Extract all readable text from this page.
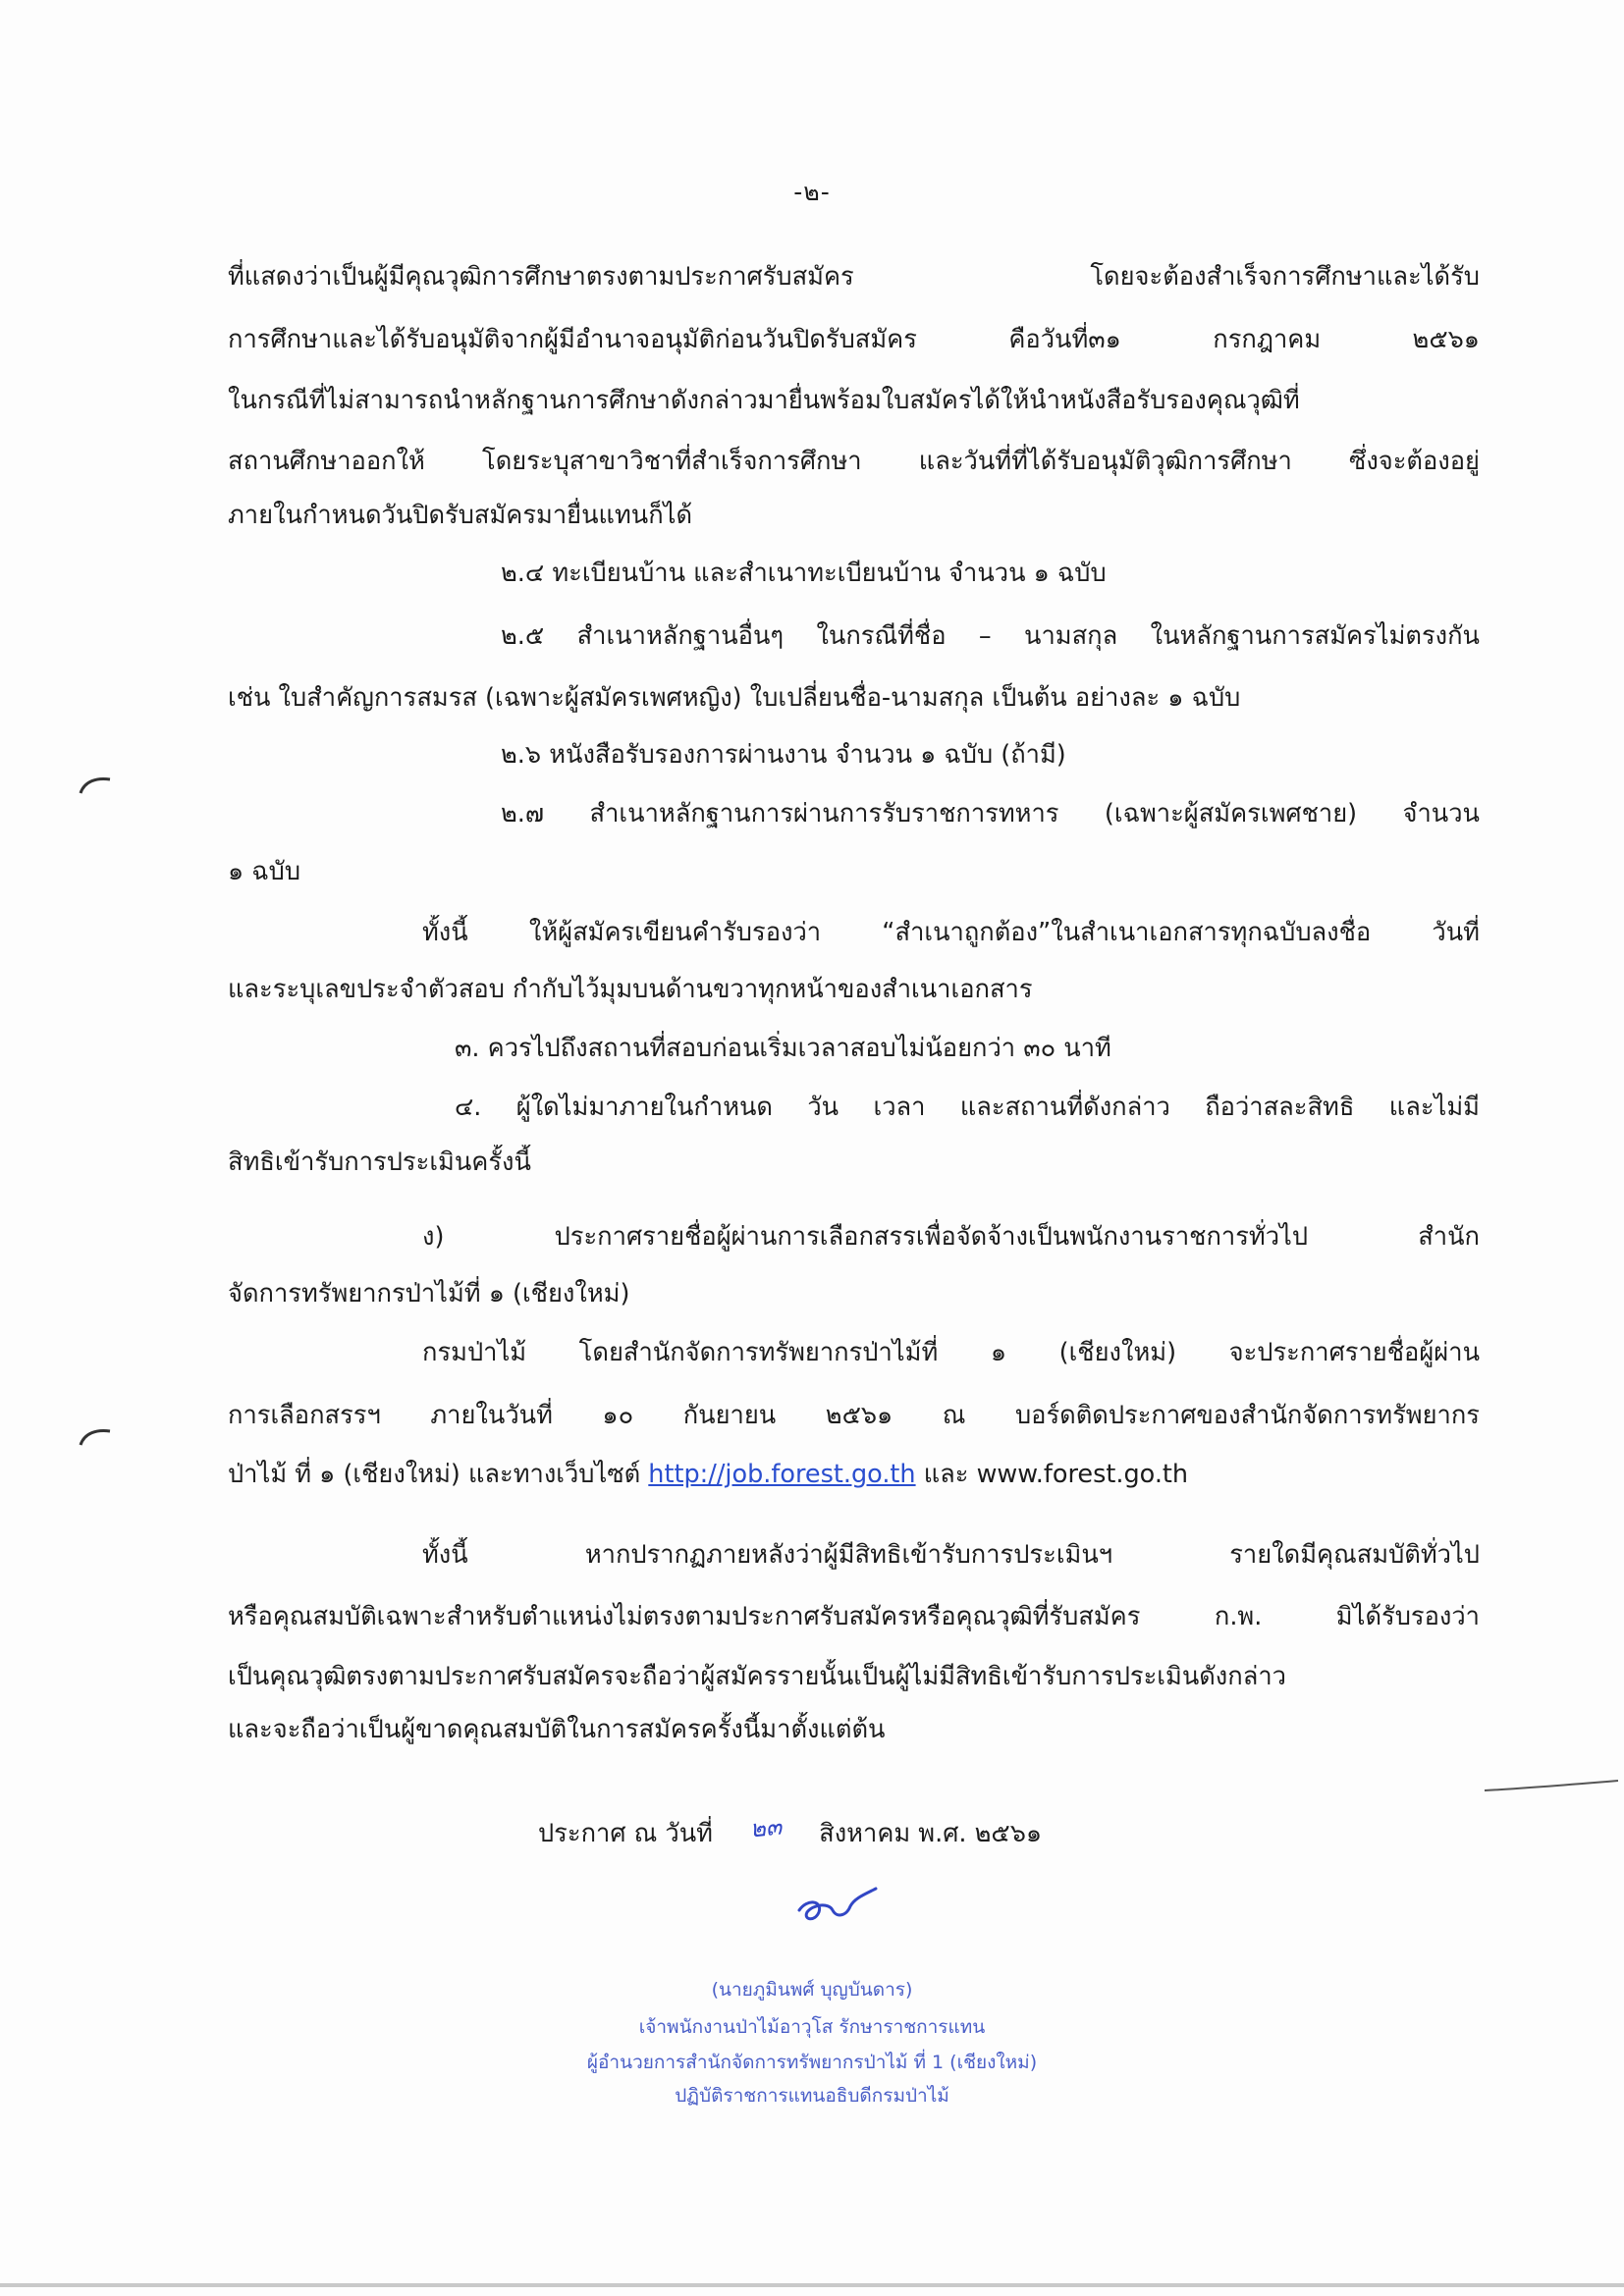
-๒-
ที่แสดงว่าเป็นผู้มีคุณวุฒิการศึกษาตรงตามประกาศรับสมัคร โดยจะต้องสำเร็จการศึกษาและได้รับ
การศึกษาและได้รับอนุมัติจากผู้มีอำนาจอนุมัติก่อนวันปิดรับสมัคร คือวันที่๓๑ กรกฎาคม ๒๕๖๑
ในกรณีที่ไม่สามารถนำหลักฐานการศึกษาดังกล่าวมายื่นพร้อมใบสมัครได้ให้นำหนังสือรับรองคุณวุฒิที่
สถานศึกษาออกให้ โดยระบุสาขาวิชาที่สำเร็จการศึกษา และวันที่ที่ได้รับอนุมัติวุฒิการศึกษา ซึ่งจะต้องอยู่
ภายในกำหนดวันปิดรับสมัครมายื่นแทนก็ได้
๒.๔ ทะเบียนบ้าน และสำเนาทะเบียนบ้าน จำนวน ๑ ฉบับ
๒.๕ สำเนาหลักฐานอื่นๆ ในกรณีที่ชื่อ – นามสกุล ในหลักฐานการสมัครไม่ตรงกัน
เช่น ใบสำคัญการสมรส (เฉพาะผู้สมัครเพศหญิง) ใบเปลี่ยนชื่อ-นามสกุล เป็นต้น อย่างละ ๑ ฉบับ
๒.๖ หนังสือรับรองการผ่านงาน จำนวน ๑ ฉบับ (ถ้ามี)
๒.๗ สำเนาหลักฐานการผ่านการรับราชการทหาร (เฉพาะผู้สมัครเพศชาย) จำนวน
๑ ฉบับ
ทั้งนี้ ให้ผู้สมัครเขียนคำรับรองว่า “สำเนาถูกต้อง”ในสำเนาเอกสารทุกฉบับลงชื่อ วันที่
และระบุเลขประจำตัวสอบ กำกับไว้มุมบนด้านขวาทุกหน้าของสำเนาเอกสาร
๓. ควรไปถึงสถานที่สอบก่อนเริ่มเวลาสอบไม่น้อยกว่า ๓๐ นาที
๔. ผู้ใดไม่มาภายในกำหนด วัน เวลา และสถานที่ดังกล่าว ถือว่าสละสิทธิ และไม่มี
สิทธิเข้ารับการประเมินครั้งนี้
ง) ประกาศรายชื่อผู้ผ่านการเลือกสรรเพื่อจัดจ้างเป็นพนักงานราชการทั่วไป สำนัก
จัดการทรัพยากรป่าไม้ที่ ๑ (เชียงใหม่)
กรมป่าไม้ โดยสำนักจัดการทรัพยากรป่าไม้ที่ ๑ (เชียงใหม่) จะประกาศรายชื่อผู้ผ่าน
การเลือกสรรฯ ภายในวันที่ ๑๐ กันยายน ๒๕๖๑ ณ บอร์ดติดประกาศของสำนักจัดการทรัพยากร
ป่าไม้ ที่ ๑ (เชียงใหม่) และทางเว็บไซต์ http://job.forest.go.th และ www.forest.go.th
ทั้งนี้ หากปรากฏภายหลังว่าผู้มีสิทธิเข้ารับการประเมินฯ รายใดมีคุณสมบัติทั่วไป
หรือคุณสมบัติเฉพาะสำหรับตำแหน่งไม่ตรงตามประกาศรับสมัครหรือคุณวุฒิที่รับสมัคร ก.พ. มิได้รับรองว่า
เป็นคุณวุฒิตรงตามประกาศรับสมัครจะถือว่าผู้สมัครรายนั้นเป็นผู้ไม่มีสิทธิเข้ารับการประเมินดังกล่าว
และจะถือว่าเป็นผู้ขาดคุณสมบัติในการสมัครครั้งนี้มาตั้งแต่ต้น
ประกาศ ณ วันที่ ๒๓ สิงหาคม พ.ศ. ๒๕๖๑
(นายภูมินพศ์ บุญบันดาร)
เจ้าพนักงานป่าไม้อาวุโส รักษาราชการแทน
ผู้อำนวยการสำนักจัดการทรัพยากรป่าไม้ ที่ 1 (เชียงใหม่)
ปฏิบัติราชการแทนอธิบดีกรมป่าไม้
